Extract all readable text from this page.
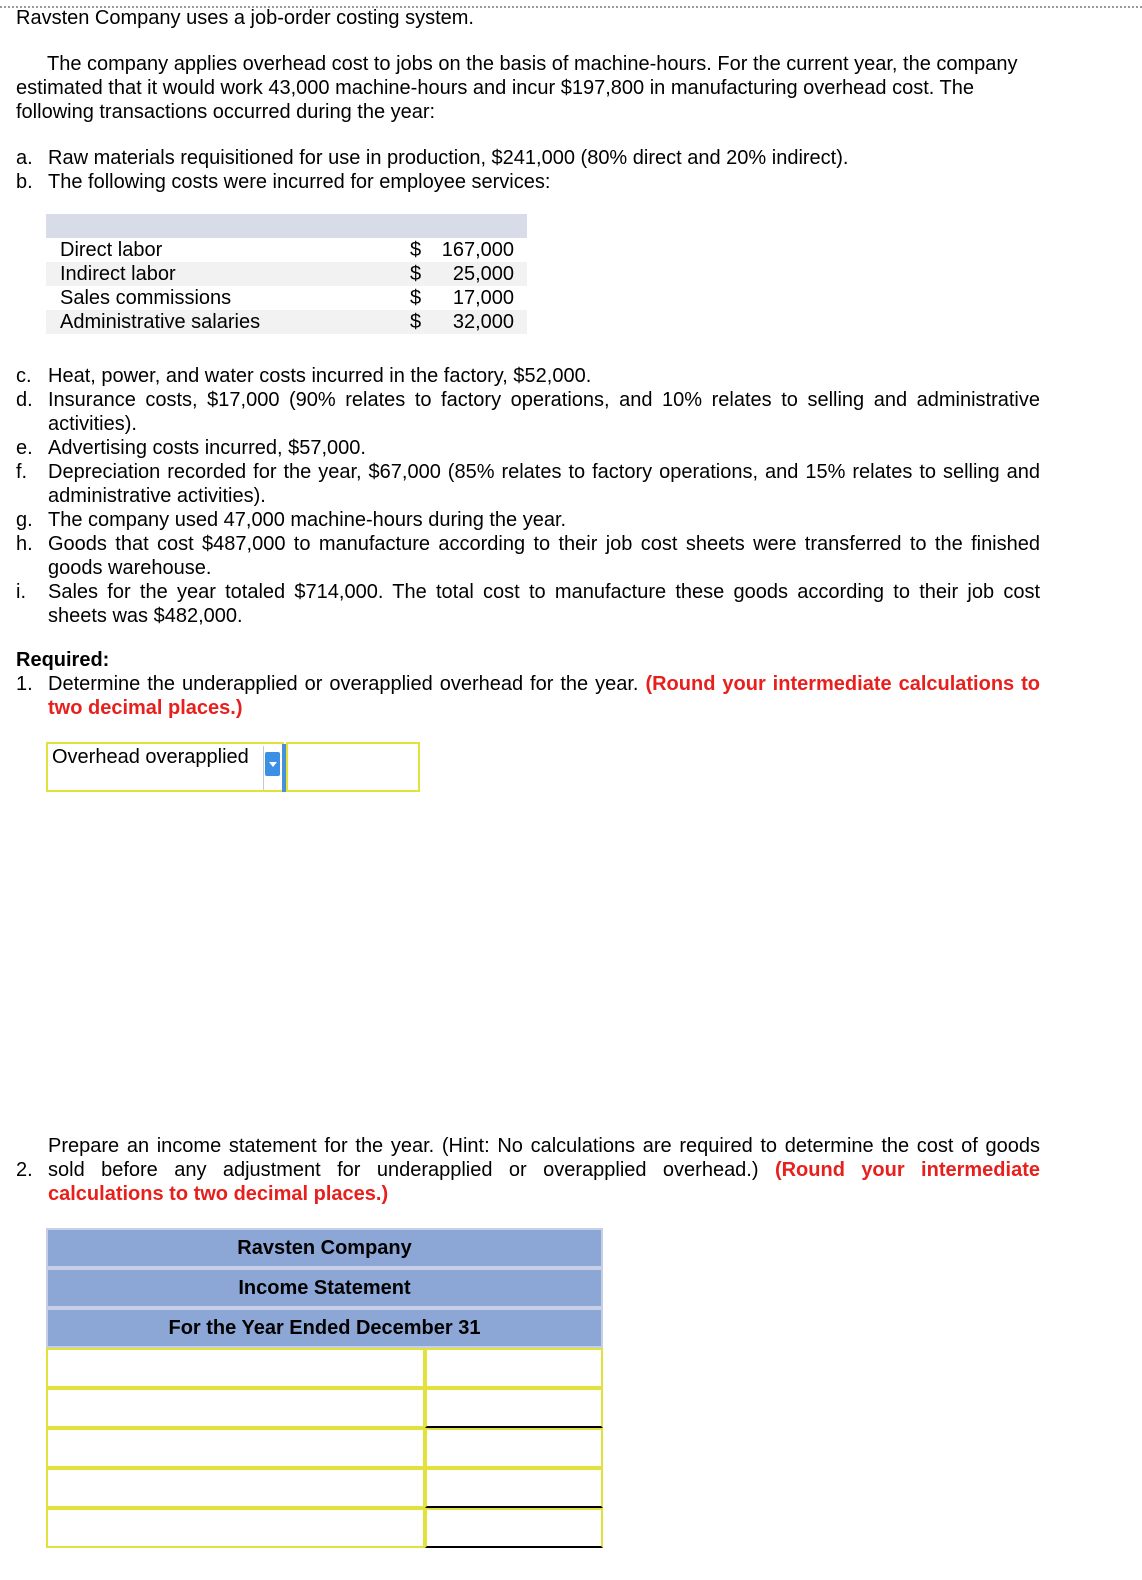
Ravsten Company uses a job-order costing system.

The company applies overhead cost to jobs on the basis of machine-hours. For the current year, the company estimated that it would work 43,000 machine-hours and incur $197,800 in manufacturing overhead cost. The following transactions occurred during the year:

a. Raw materials requisitioned for use in production, $241,000 (80% direct and 20% indirect).
b. The following costs were incurred for employee services:

Direct labor	$	167,000
Indirect labor	$	25,000
Sales commissions	$	17,000
Administrative salaries	$	32,000
c. Heat, power, and water costs incurred in the factory, $52,000.
d. Insurance costs, $17,000 (90% relates to factory operations, and 10% relates to selling and administrative activities).
e. Advertising costs incurred, $57,000.
f. Depreciation recorded for the year, $67,000 (85% relates to factory operations, and 15% relates to selling and administrative activities).
g. The company used 47,000 machine-hours during the year.
h. Goods that cost $487,000 to manufacture according to their job cost sheets were transferred to the finished goods warehouse.
i. Sales for the year totaled $714,000. The total cost to manufacture these goods according to their job cost sheets was $482,000.

Required:

1. Determine the underapplied or overapplied overhead for the year. (Round your intermediate calculations to two decimal places.)
Overhead overapplied
2.
Prepare an income statement for the year. (Hint: No calculations are required to determine the cost of goods sold before any adjustment for underapplied or overapplied overhead.) (Round your intermediate calculations to two decimal places.)
Ravsten Company
Income Statement
For the Year Ended December 31
